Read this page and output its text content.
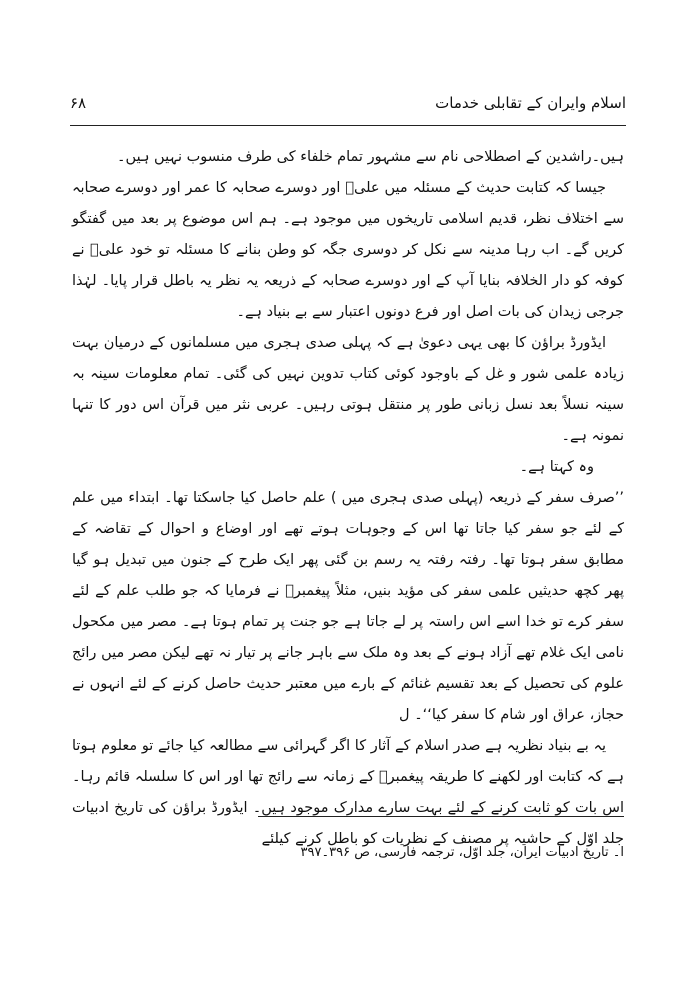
اسلام وایران کے تقابلی خدمات
۶۸

ہیں۔راشدین کے اصطلاحی نام سے مشہور تمام خلفاء کی طرف منسوب نہیں ہیں۔

جیسا کہ کتابت حدیث کے مسئلہ میں علیؑ اور دوسرے صحابہ کا عمر اور دوسرے صحابہ سے اختلاف نظر، قدیم اسلامی تاریخوں میں موجود ہے۔ ہم اس موضوع پر بعد میں گفتگو کریں گے۔ اب رہا مدینہ سے نکل کر دوسری جگہ کو وطن بنانے کا مسئلہ تو خود علیؑ نے کوفہ کو دار الخلافہ بنایا آپ کے اور دوسرے صحابہ کے ذریعہ یہ نظر یہ باطل قرار پایا۔ لہٰذا جرجی زیدان کی بات اصل اور فرع دونوں اعتبار سے بے بنیاد ہے۔

ایڈورڈ براؤن کا بھی یہی دعویٰ ہے کہ پہلی صدی ہجری میں مسلمانوں کے درمیان بہت زیادہ علمی شور و غل کے باوجود کوئی کتاب تدوین نہیں کی گئی۔ تمام معلومات سینہ بہ سینہ نسلاً بعد نسل زبانی طور پر منتقل ہوتی رہیں۔ عربی نثر میں قرآن اس دور کا تنہا نمونہ ہے۔

وہ کہتا ہے۔

’’صرف سفر کے ذریعہ (پہلی صدی ہجری میں ) علم حاصل کیا جاسکتا تھا۔ ابتداء میں علم کے لئے جو سفر کیا جاتا تھا اس کے وجوہات ہوتے تھے اور اوضاع و احوال کے تقاضہ کے مطابق سفر ہوتا تھا۔ رفتہ رفتہ یہ رسم بن گئی پھر ایک طرح کے جنون میں تبدیل ہو گیا پھر کچھ حدیثیں علمی سفر کی مؤید بنیں، مثلاً پیغمبرؐ نے فرمایا کہ جو طلب علم کے لئے سفر کرے تو خدا اسے اس راستہ پر لے جاتا ہے جو جنت پر تمام ہوتا ہے۔ مصر میں مکحول نامی ایک غلام تھے آزاد ہونے کے بعد وہ ملک سے باہر جانے پر تیار نہ تھے لیکن مصر میں رائج علوم کی تحصیل کے بعد تقسیم غنائم کے بارے میں معتبر حدیث حاصل کرنے کے لئے انہوں نے حجاز، عراق اور شام کا سفر کیا‘‘۔ ل

یہ بے بنیاد نظریہ ہے صدر اسلام کے آثار کا اگر گہرائی سے مطالعہ کیا جائے تو معلوم ہوتا ہے کہ کتابت اور لکھنے کا طریقہ پیغمبرؐ کے زمانہ سے رائج تھا اور اس کا سلسلہ قائم رہا۔ اس بات کو ثابت کرنے کے لئے بہت سارے مدارک موجود ہیں۔ ایڈورڈ براؤن کی تاریخ ادبیات جلد اوّل کے حاشیہ پر مصنف کے نظریات کو باطل کرنے کیلئے

ا۔ تاریخ ادبیات ایران، جلد اوّل، ترجمہ فارسی، ص ۳۹۶۔۳۹۷
